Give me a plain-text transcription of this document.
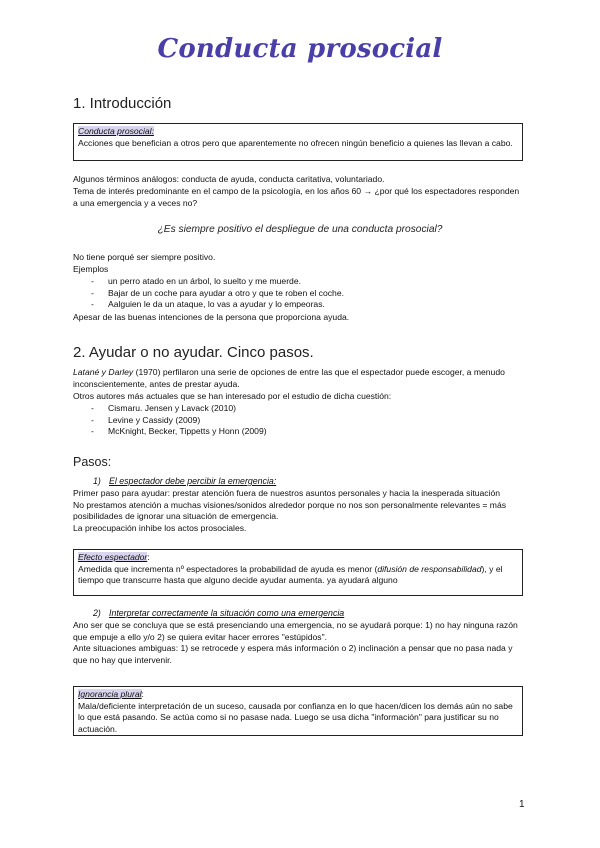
Conducta prosocial
1. Introducción
Conducta prosocial:
Acciones que benefician a otros pero que aparentemente no ofrecen ningún beneficio a quienes las llevan a cabo.
Algunos términos análogos: conducta de ayuda, conducta caritativa, voluntariado.
Tema de interés predominante en el campo de la psicología, en los años 60 → ¿por qué los espectadores responden a una emergencia y a veces no?
¿Es siempre positivo el despliegue de una conducta prosocial?
No tiene porqué ser siempre positivo.
Ejemplos
- un perro atado en un árbol, lo suelto y me muerde.
- Bajar de un coche para ayudar a otro y que te roben el coche.
- Aalguien le da un ataque, lo vas a ayudar y lo empeoras.
Apesar de las buenas intenciones de la persona que proporciona ayuda.
2. Ayudar o no ayudar. Cinco pasos.
Latané y Darley (1970) perfilaron una serie de opciones de entre las que el espectador puede escoger, a menudo inconscientemente, antes de prestar ayuda.
Otros autores más actuales que se han interesado por el estudio de dicha cuestión:
- Cismaru. Jensen y Lavack (2010)
- Levine y Cassidy (2009)
- McKnight, Becker, Tippetts y Honn (2009)
Pasos:
1) El espectador debe percibir la emergencia:
Primer paso para ayudar: prestar atención fuera de nuestros asuntos personales y hacia la inesperada situación
No prestamos atención a muchas visiones/sonidos alrededor porque no nos son personalmente relevantes = más posibilidades de ignorar una situación de emergencia.
La preocupación inhibe los actos prosociales.
Efecto espectador:
Amedida que incrementa nº espectadores la probabilidad de ayuda es menor (difusión de responsabilidad), y el tiempo que transcurre hasta que alguno decide ayudar aumenta. ya ayudará alguno
2) Interpretar correctamente la situación como una emergencia
Ano ser que se concluya que se está presenciando una emergencia, no se ayudará porque: 1) no hay ninguna razón que empuje a ello y/o 2) se quiera evitar hacer errores "estúpidos".
Ante situaciones ambiguas: 1) se retrocede y espera más información o 2) inclinación a pensar que no pasa nada y que no hay que intervenir.
Ignorancia plural:
Mala/deficiente interpretación de un suceso, causada por confianza en lo que hacen/dicen los demás aún no sabe lo que está pasando. Se actúa como si no pasase nada. Luego se usa dicha "información" para justificar su no actuación.
1
